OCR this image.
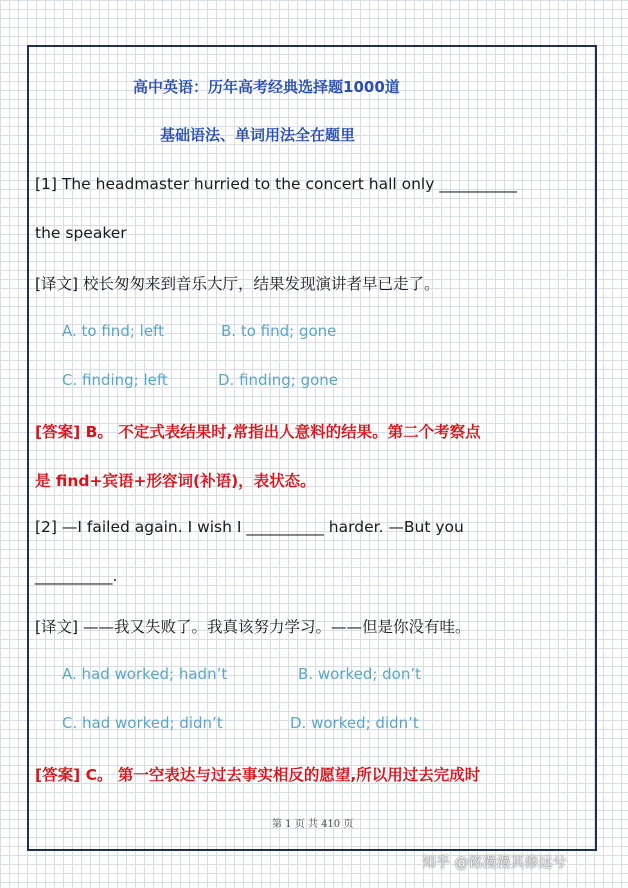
高中英语：历年高考经典选择题1000道
基础语法、单词用法全在题里
[1] The headmaster hurried to the concert hall only __________
the speaker
[译文] 校长匆匆来到音乐大厅，结果发现演讲者早已走了。
A. to find; left	B. to find; gone
C. finding; left	D. finding; gone
[答案] B。 不定式表结果时,常指出人意料的结果。第二个考察点
是 find+宾语+形容词(补语)，表状态。
[2] —I failed again. I wish I __________ harder. —But you
__________.
[译文] ——我又失败了。我真该努力学习。——但是你没有哇。
A. had worked; hadn’t	B. worked; don’t
C. had worked; didn’t	D. worked; didn’t
[答案] C。 第一空表达与过去事实相反的愿望,所以用过去完成时
第 1 页 共 410 页
知乎 @铭漫漫其修远兮
